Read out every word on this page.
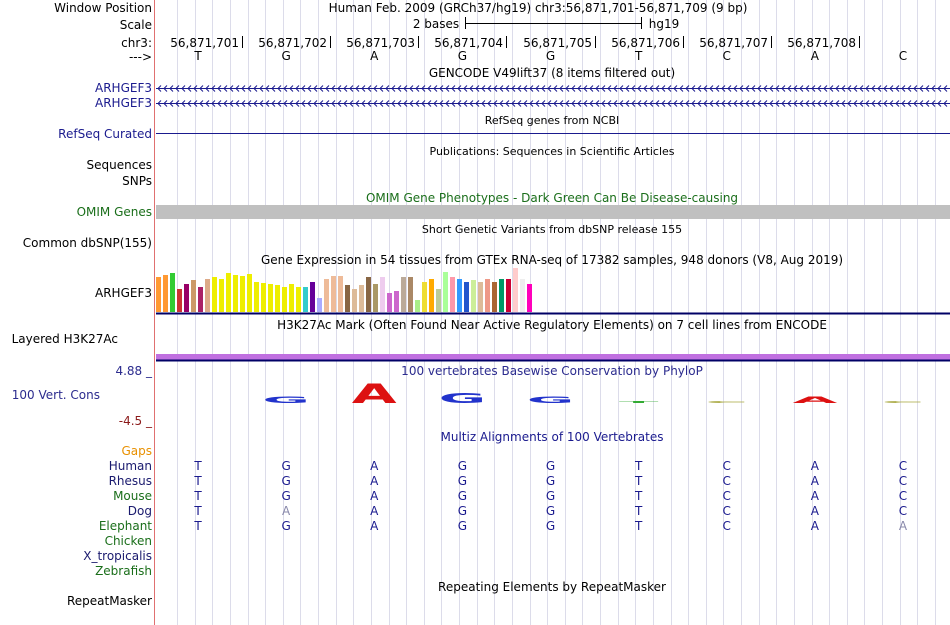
Window Position	Human Feb. 2009 (GRCh37/hg19) chr3:56,871,701-56,871,709 (9 bp)
Scale	2 bases	hg19
chr3:	56,871,701	56,871,702	56,871,703	56,871,704	56,871,705	56,871,706	56,871,707	56,871,708
--->	T	G	A	G	G	T	C	A	C
GENCODE V49lift37 (8 items filtered out)
ARHGEF3
ARHGEF3
G A G G T C A C
RefSeq genes from NCBI
RefSeq Curated
Publications: Sequences in Scientific Articles
Sequences
SNPs
OMIM Gene Phenotypes - Dark Green Can Be Disease-causing
OMIM Genes
Short Genetic Variants from dbSNP release 155
Common dbSNP(155)
Gene Expression in 54 tissues from GTEx RNA-seq of 17382 samples, 948 donors (V8, Aug 2019)
ARHGEF3
H3K27Ac Mark (Often Found Near Active Regulatory Elements) on 7 cell lines from ENCODE
Layered H3K27Ac
100 vertebrates Basewise Conservation by PhyloP
4.88 _
100 Vert. Cons
-4.5 _
Multiz Alignments of 100 Vertebrates
Gaps
Human	T	G	A	G	G	T	C	A	C
Rhesus	T	G	A	G	G	T	C	A	C
Mouse	T	G	A	G	G	T	C	A	C
Dog	T	A	A	G	G	T	C	A	C
Elephant	T	G	A	G	G	T	C	A	A
Chicken
X_tropicalis
Zebrafish
Repeating Elements by RepeatMasker
RepeatMasker
